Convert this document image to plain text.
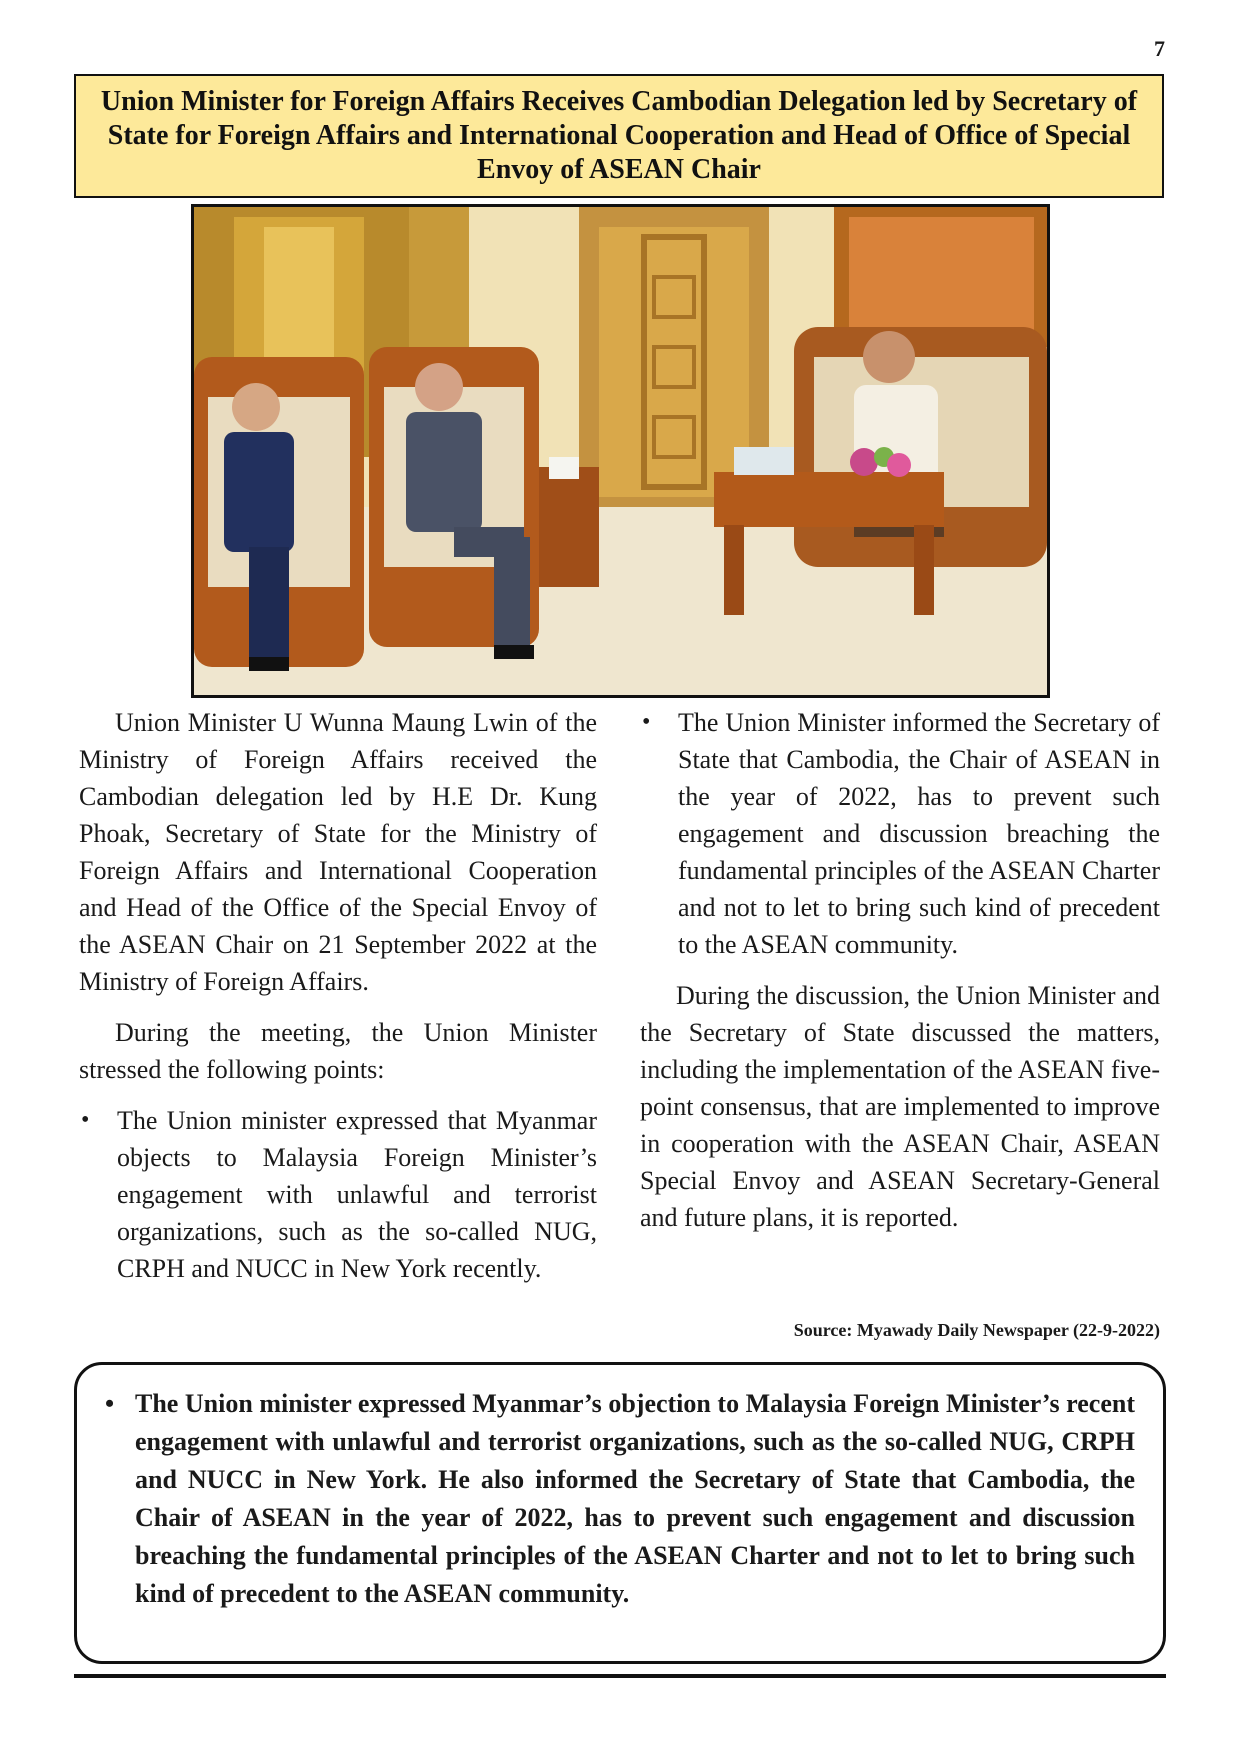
7
Union Minister for Foreign Affairs Receives Cambodian Delegation led by Secretary of State for Foreign Affairs and International Cooperation and Head of Office of Special Envoy of ASEAN Chair

Union Minister U Wunna Maung Lwin of the Ministry of Foreign Affairs received the Cambodian delegation led by H.E Dr. Kung Phoak, Secretary of State for the Ministry of Foreign Affairs and International Cooperation and Head of the Office of the Special Envoy of the ASEAN Chair on 21 September 2022 at the Ministry of Foreign Affairs.

During the meeting, the Union Minister stressed the following points:

• The Union minister expressed that Myanmar objects to Malaysia Foreign Minister’s engagement with unlawful and terrorist organizations, such as the so-called NUG, CRPH and NUCC in New York recently.

• The Union Minister informed the Secretary of State that Cambodia, the Chair of ASEAN in the year of 2022, has to prevent such engagement and discussion breaching the fundamental principles of the ASEAN Charter and not to let to bring such kind of precedent to the ASEAN community.

During the discussion, the Union Minister and the Secretary of State discussed the matters, including the implementation of the ASEAN five-point consensus, that are implemented to improve in cooperation with the ASEAN Chair, ASEAN Special Envoy and ASEAN Secretary-General and future plans, it is reported.

Source: Myawady Daily Newspaper (22-9-2022)
• The Union minister expressed Myanmar’s objection to Malaysia Foreign Minister’s recent engagement with unlawful and terrorist organizations, such as the so-called NUG, CRPH and NUCC in New York. He also informed the Secretary of State that Cambodia, the Chair of ASEAN in the year of 2022, has to prevent such engagement and discussion breaching the fundamental principles of the ASEAN Charter and not to let to bring such kind of precedent to the ASEAN community.
